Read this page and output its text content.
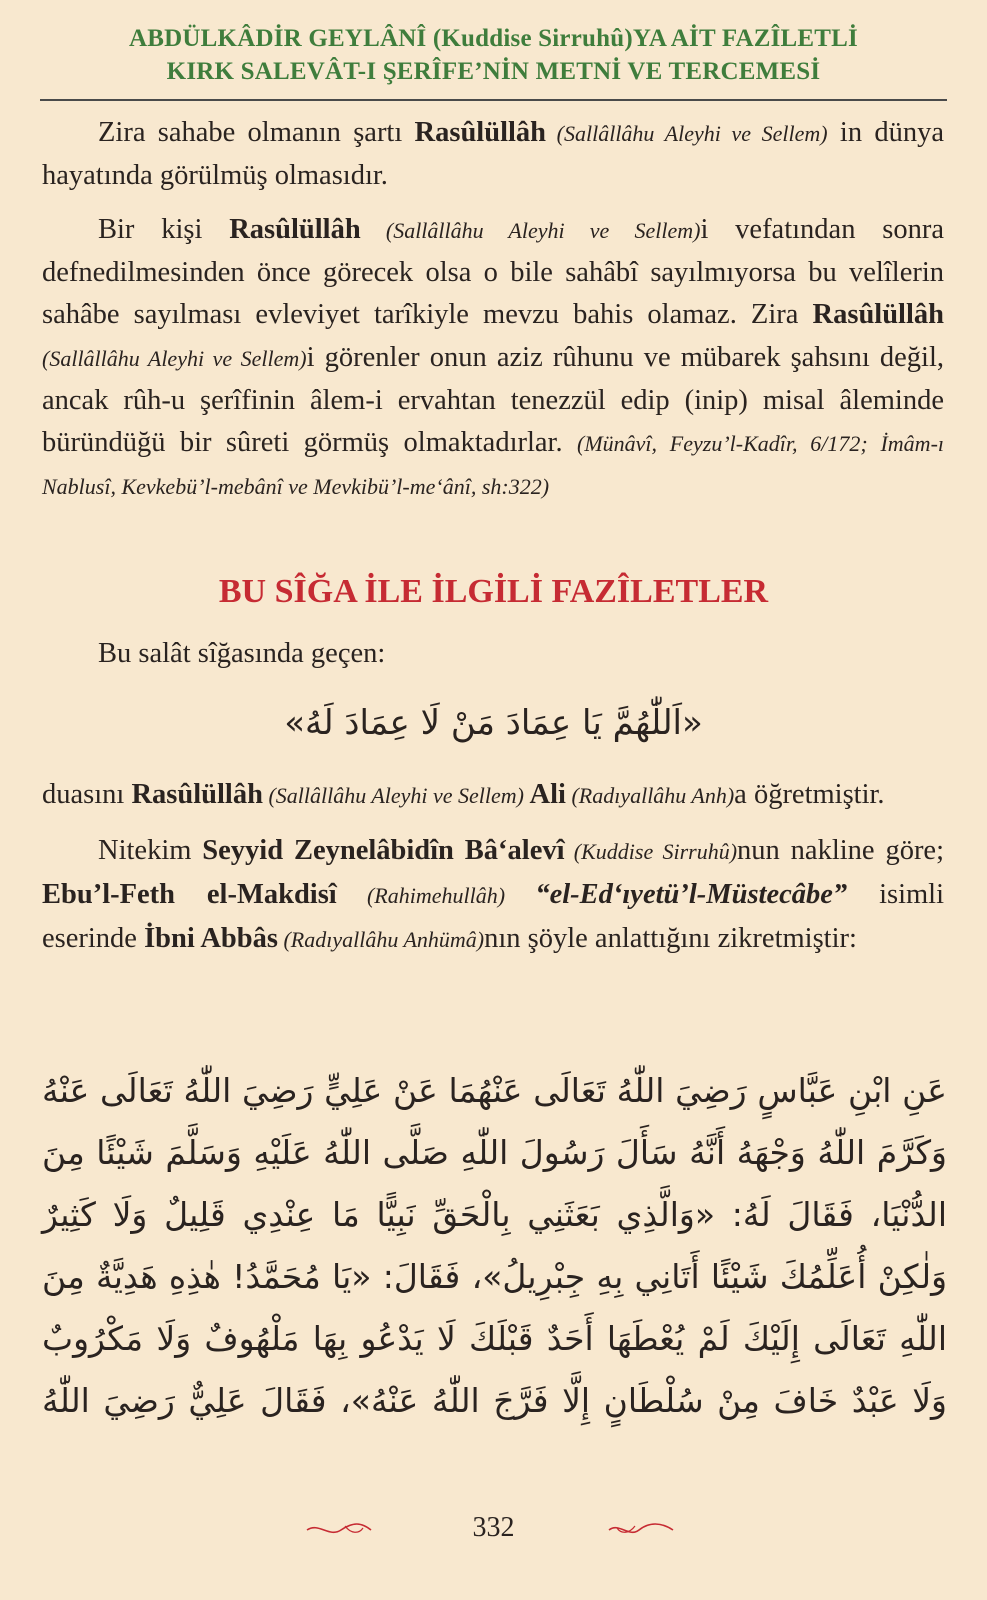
ABDÜLKÂDİR GEYLÂNÎ (Kuddise Sirruhû)YA AİT FAZÎLETLİ
KIRK SALEVÂT-I ŞERÎFE’NİN METNİ VE TERCEMESİ

Zira sahabe olmanın şartı Rasûlüllâh (Sallâllâhu Aleyhi ve Sellem) in dünya hayatında görülmüş olmasıdır.

Bir kişi Rasûlüllâh (Sallâllâhu Aleyhi ve Sellem)i vefatından sonra defnedilmesinden önce görecek olsa o bile sahâbî sayılmıyorsa bu velîlerin sahâbe sayılması evleviyet tarîkiyle mevzu bahis olamaz. Zira Rasûlüllâh (Sallâllâhu Aleyhi ve Sellem)i görenler onun aziz rûhunu ve mübarek şahsını değil, ancak rûh-u şerîfinin âlem-i ervahtan tenezzül edip (inip) misal âleminde büründüğü bir sûreti görmüş olmaktadırlar. (Münâvî, Feyzu’l-Kadîr, 6/172; İmâm-ı Nablusî, Kevkebü’l-mebânî ve Mevkibü’l-me‘ânî, sh:322)

BU SÎĞA İLE İLGİLİ FAZÎLETLER
Bu salât sîğasında geçen:
«اَللّٰهُمَّ يَا عِمَادَ مَنْ لَا عِمَادَ لَهُ»

duasını Rasûlüllâh (Sallâllâhu Aleyhi ve Sellem) Ali (Radıyallâhu Anh)a öğretmiştir.

Nitekim Seyyid Zeynelâbidîn Bâ‘alevî (Kuddise Sirruhû)nun nakline göre; Ebu’l-Feth el-Makdisî (Rahimehullâh) “el-Ed‘ıyetü’l-Müstecâbe” isimli eserinde İbni Abbâs (Radıyallâhu Anhümâ)nın şöyle anlattığını zikretmiştir:

عَنِ ابْنِ عَبَّاسٍ رَضِيَ اللّٰهُ تَعَالَى عَنْهُمَا عَنْ عَلِيٍّ رَضِيَ اللّٰهُ تَعَالَى عَنْهُ وَكَرَّمَ اللّٰهُ وَجْهَهُ أَنَّهُ سَأَلَ رَسُولَ اللّٰهِ صَلَّى اللّٰهُ عَلَيْهِ وَسَلَّمَ شَيْئًا مِنَ الدُّنْيَا، فَقَالَ لَهُ: «وَالَّذِي بَعَثَنِي بِالْحَقِّ نَبِيًّا مَا عِنْدِي قَلِيلٌ وَلَا كَثِيرٌ وَلٰكِنْ أُعَلِّمُكَ شَيْئًا أَتَانِي بِهِ جِبْرِيلُ»، فَقَالَ: «يَا مُحَمَّدُ! هٰذِهِ هَدِيَّةٌ مِنَ اللّٰهِ تَعَالَى إِلَيْكَ لَمْ يُعْطَهَا أَحَدٌ قَبْلَكَ لَا يَدْعُو بِهَا مَلْهُوفٌ وَلَا مَكْرُوبٌ وَلَا عَبْدٌ خَافَ مِنْ سُلْطَانٍ إِلَّا فَرَّجَ اللّٰهُ عَنْهُ»، فَقَالَ عَلِيٌّ رَضِيَ اللّٰهُ
332
